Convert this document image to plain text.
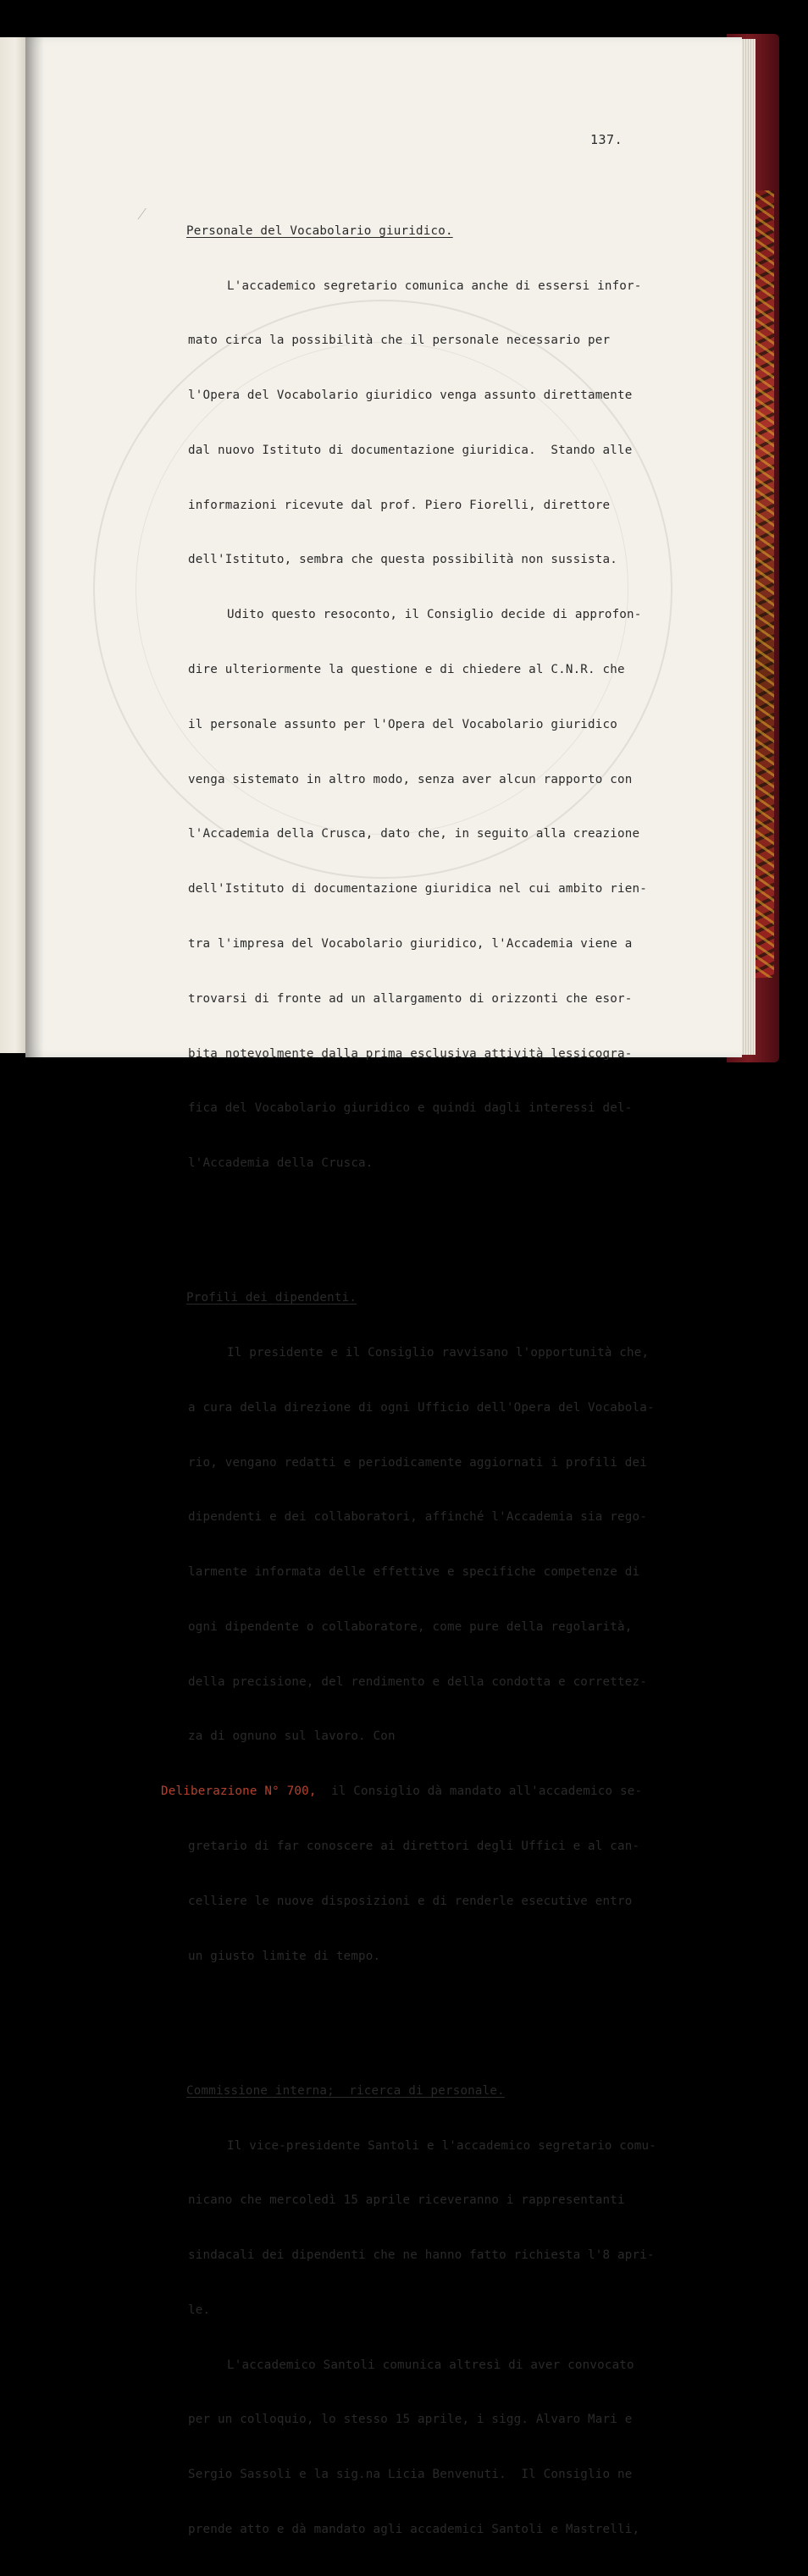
⁄
137.

Personale del Vocabolario giuridico.

L'accademico segretario comunica anche di essersi infor-

mato circa la possibilità che il personale necessario per

l'Opera del Vocabolario giuridico venga assunto direttamente

dal nuovo Istituto di documentazione giuridica.  Stando alle

informazioni ricevute dal prof. Piero Fiorelli, direttore

dell'Istituto, sembra che questa possibilità non sussista.

Udito questo resoconto, il Consiglio decide di approfon-

dire ulteriormente la questione e di chiedere al C.N.R. che

il personale assunto per l'Opera del Vocabolario giuridico

venga sistemato in altro modo, senza aver alcun rapporto con

l'Accademia della Crusca, dato che, in seguito alla creazione

dell'Istituto di documentazione giuridica nel cui ambito rien-

tra l'impresa del Vocabolario giuridico, l'Accademia viene a

trovarsi di fronte ad un allargamento di orizzonti che esor-

bita notevolmente dalla prima esclusiva attività lessicogra-

fica del Vocabolario giuridico e quindi dagli interessi del-

l'Accademia della Crusca.

Profili dei dipendenti.

Il presidente e il Consiglio ravvisano l'opportunità che,

a cura della direzione di ogni Ufficio dell'Opera del Vocabola-

rio, vengano redatti e periodicamente aggiornati i profili dei

dipendenti e dei collaboratori, affinché l'Accademia sia rego-

larmente informata delle effettive e specifiche competenze di

ogni dipendente o collaboratore, come pure della regolarità,

della precisione, del rendimento e della condotta e correttez-

za di ognuno sul lavoro. Con

Deliberazione N° 700, il Consiglio dà mandato all'accademico se-

gretario di far conoscere ai direttori degli Uffici e al can-

celliere le nuove disposizioni e di renderle esecutive entro

un giusto limite di tempo.

Commissione interna;  ricerca di personale.

Il vice-presidente Santoli e l'accademico segretario comu-

nicano che mercoledì 15 aprile riceveranno i rappresentanti

sindacali dei dipendenti che ne hanno fatto richiesta l'8 apri-

le.

L'accademico Santoli comunica altresì di aver convocato

per un colloquio, lo stesso 15 aprile, i sigg. Alvaro Mari e

Sergio Sassoli e la sig.na Licia Benvenuti.  Il Consiglio ne

prende atto e dà mandato agli accademici Santoli e Mastrelli,
